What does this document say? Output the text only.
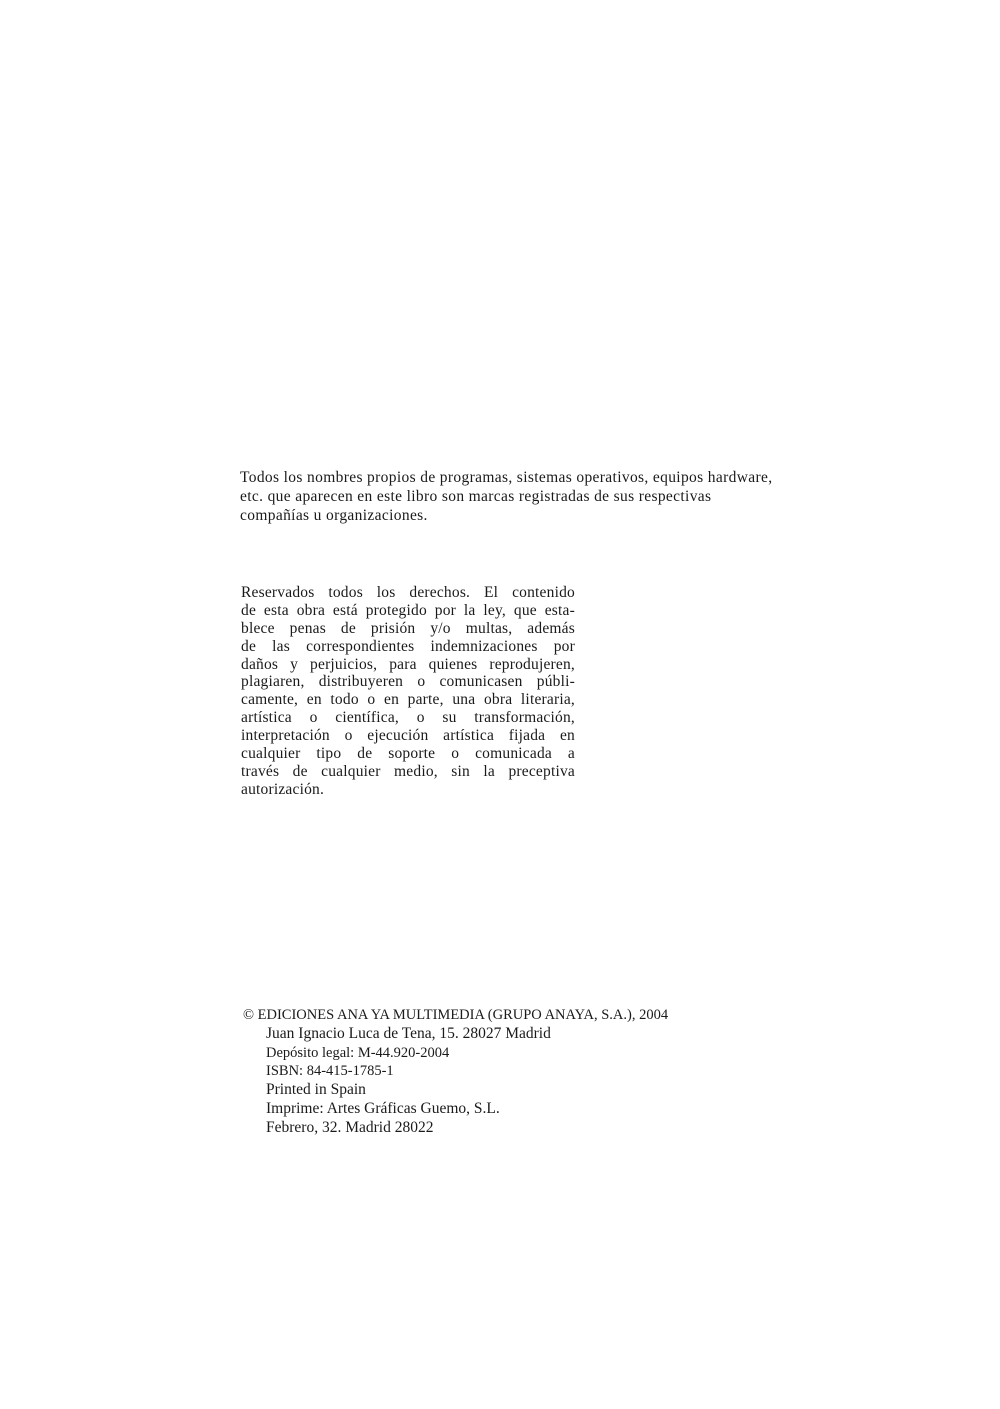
Todos los nombres propios de programas, sistemas operativos, equipos hardware,
etc. que aparecen en este libro son marcas registradas de sus respectivas
compañías u organizaciones.
Reservados todos los derechos. El contenido
de esta obra está protegido por la ley, que esta-
blece penas de prisión y/o multas, además
de las correspondientes indemnizaciones por
daños y perjuicios, para quienes reprodujeren,
plagiaren, distribuyeren o comunicasen públi-
camente, en todo o en parte, una obra literaria,
artística o científica, o su transformación,
interpretación o ejecución artística fijada en
cualquier tipo de soporte o comunicada a
través de cualquier medio, sin la preceptiva
autorización.
© EDICIONES ANA YA MULTIMEDIA (GRUPO ANAYA, S.A.), 2004
Juan Ignacio Luca de Tena, 15. 28027 Madrid
Depósito legal: M-44.920-2004
ISBN: 84-415-1785-1
Printed in Spain
Imprime: Artes Gráficas Guemo, S.L.
Febrero, 32. Madrid 28022
